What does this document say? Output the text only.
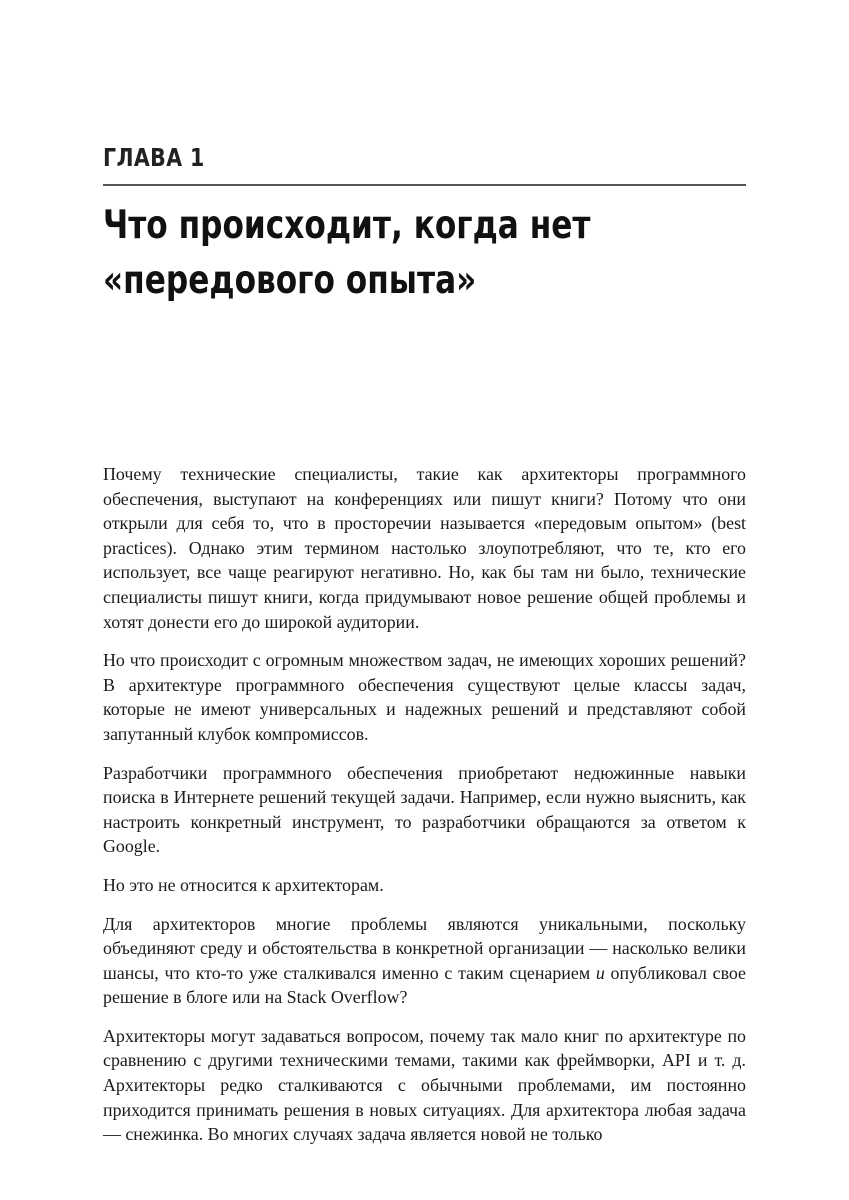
ГЛАВА 1
Что происходит, когда нет
«передового опыта»

Почему технические специалисты, такие как архитекторы программного обеспечения, выступают на конференциях или пишут книги? Потому что они открыли для себя то, что в просторечии называется «передовым опытом» (best practices). Однако этим термином настолько злоупотребляют, что те, кто его использует, все чаще реагируют негативно. Но, как бы там ни было, технические специалисты пишут книги, когда придумывают новое решение общей проблемы и хотят донести его до широкой аудитории.

Но что происходит с огромным множеством задач, не имеющих хороших решений? В архитектуре программного обеспечения существуют целые классы задач, которые не имеют универсальных и надежных решений и представляют собой запутанный клубок компромиссов.

Разработчики программного обеспечения приобретают недюжинные навыки поиска в Интернете решений текущей задачи. Например, если нужно выяснить, как настроить конкретный инструмент, то разработчики обращаются за ответом к Google.

Но это не относится к архитекторам.

Для архитекторов многие проблемы являются уникальными, поскольку объединяют среду и обстоятельства в конкретной организации — насколько велики шансы, что кто-то уже сталкивался именно с таким сценарием и опубликовал свое решение в блоге или на Stack Overflow?

Архитекторы могут задаваться вопросом, почему так мало книг по архитектуре по сравнению с другими техническими темами, такими как фреймворки, API и т. д. Архитекторы редко сталкиваются с обычными проблемами, им постоянно приходится принимать решения в новых ситуациях. Для архитектора любая задача — снежинка. Во многих случаях задача является новой не только
